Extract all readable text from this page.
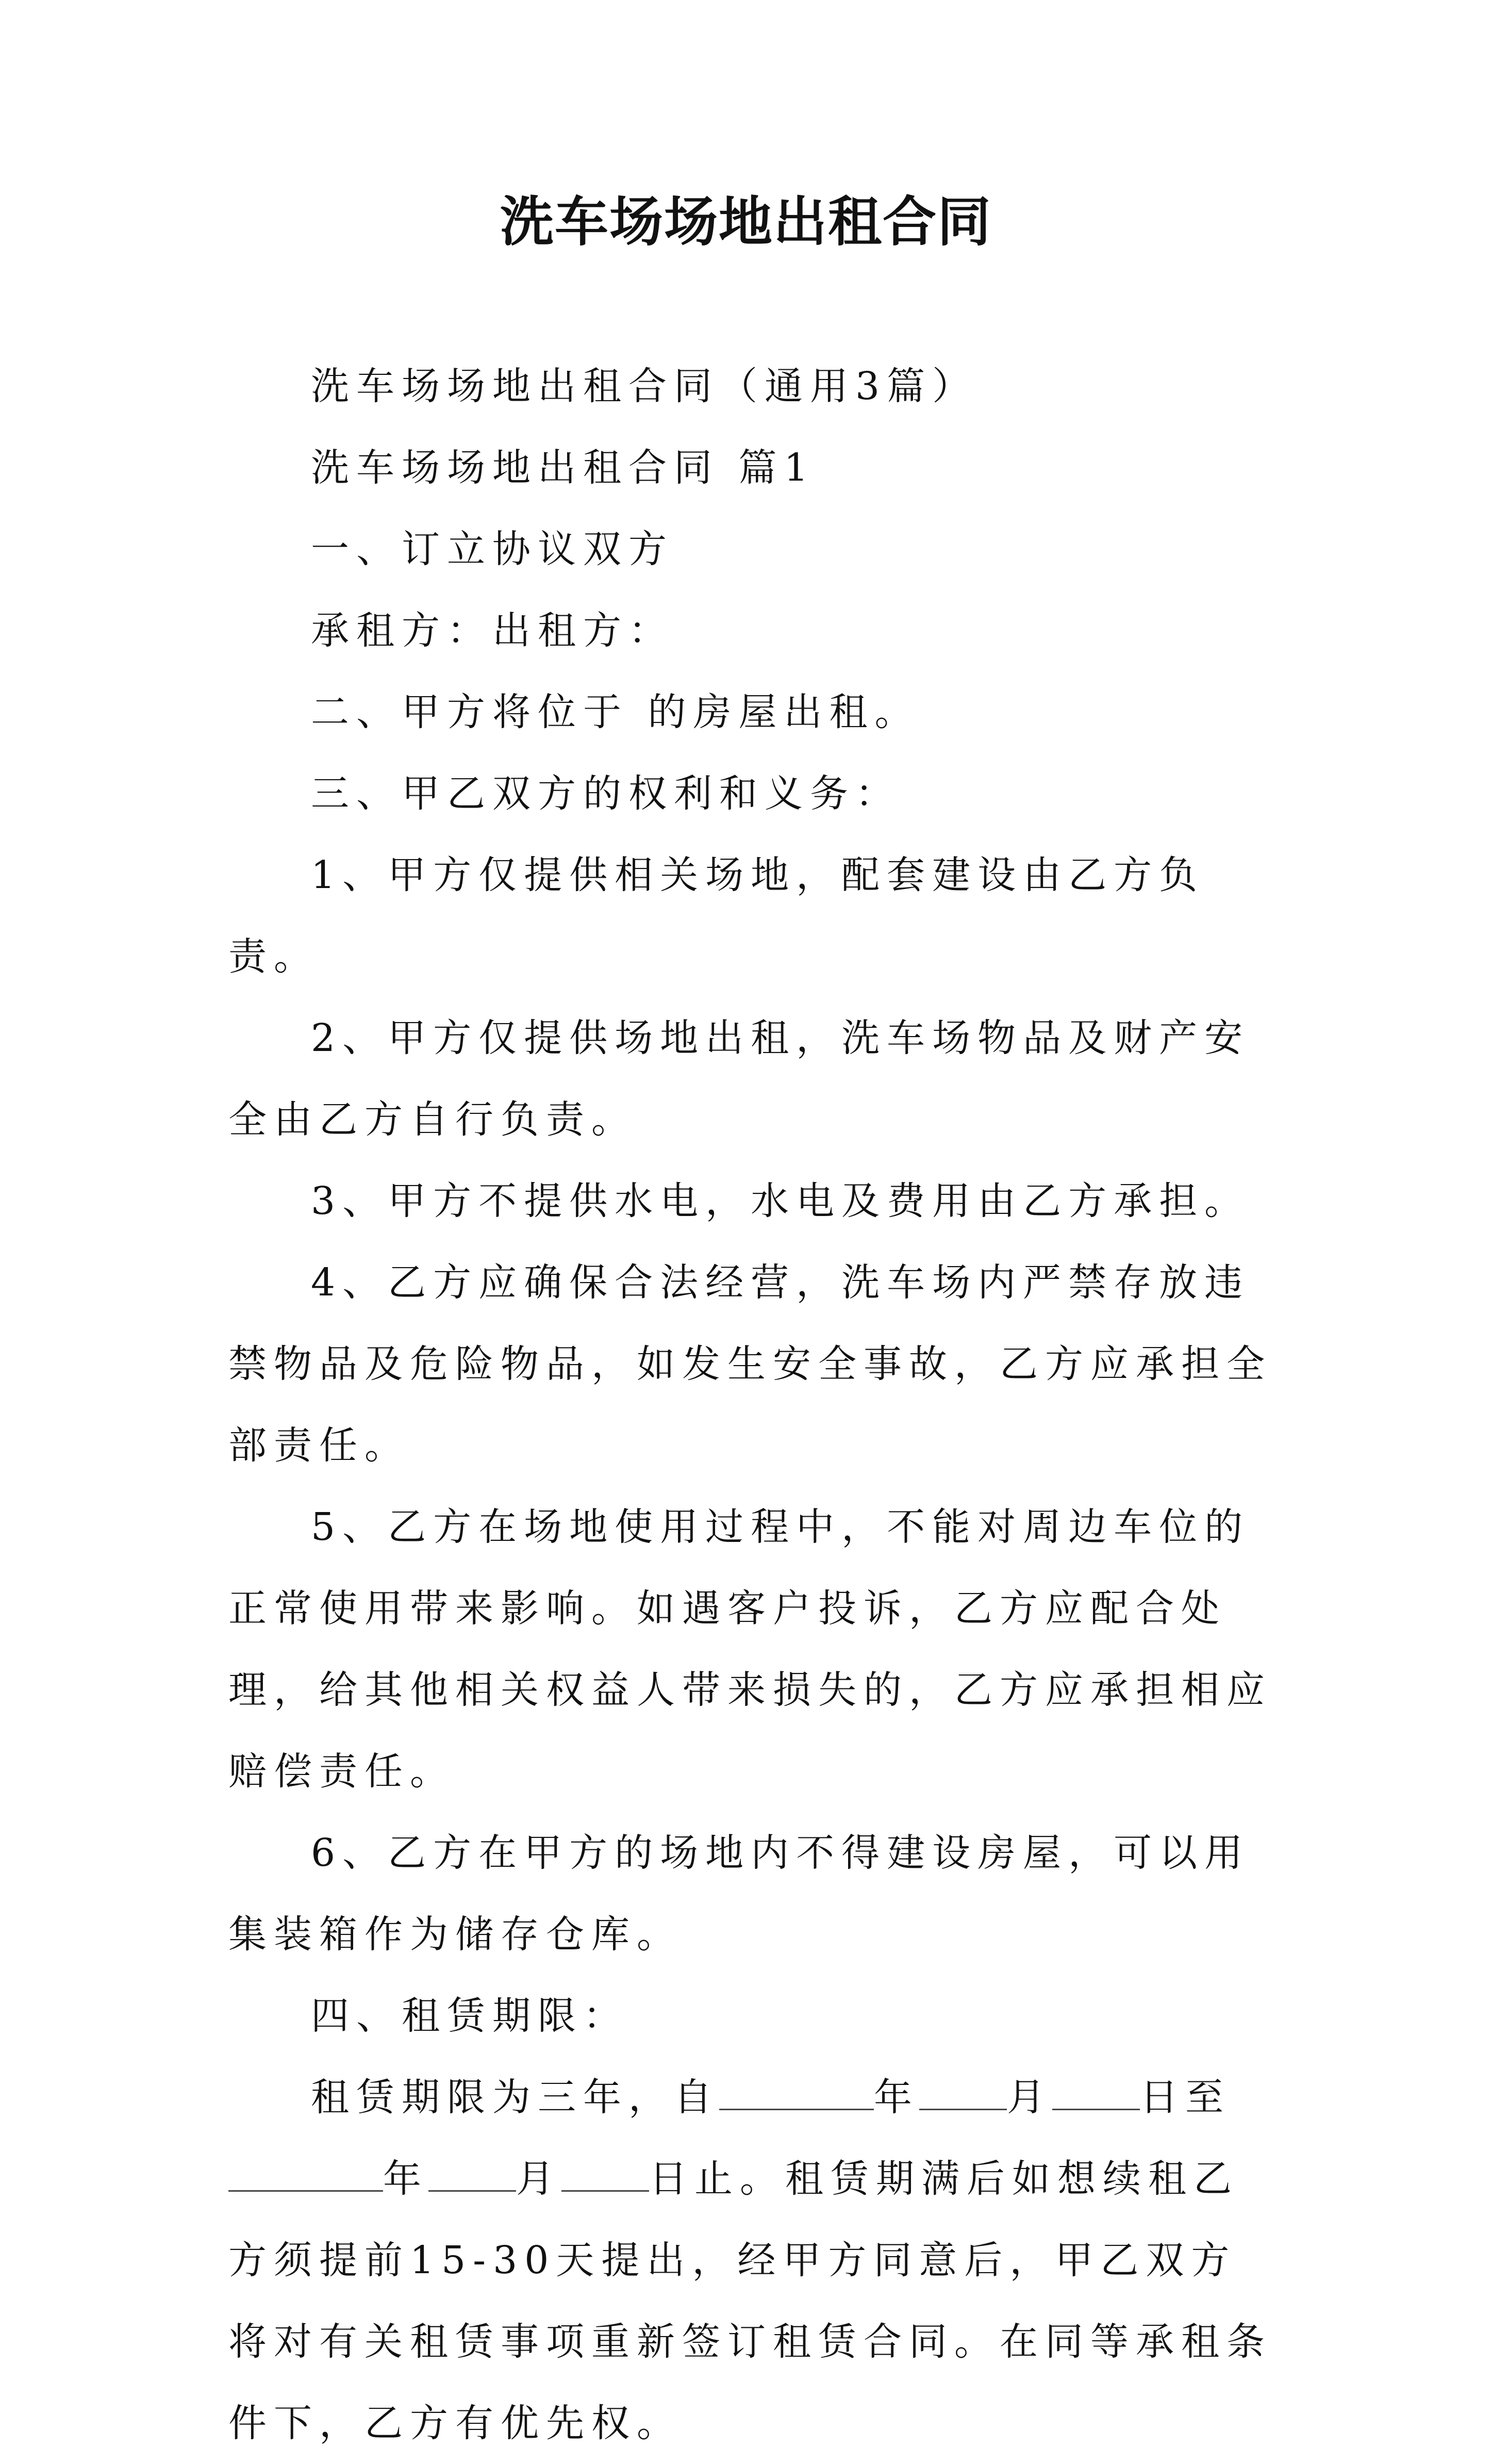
洗车场场地出租合同

洗车场场地出租合同（通用3篇）

洗车场场地出租合同 篇1

一、订立协议双方

承租方：出租方：

二、甲方将位于 的房屋出租。

三、甲乙双方的权利和义务：

1、甲方仅提供相关场地，配套建设由乙方负责。

2、甲方仅提供场地出租，洗车场物品及财产安全由乙方自行负责。

3、甲方不提供水电，水电及费用由乙方承担。

4、乙方应确保合法经营，洗车场内严禁存放违禁物品及危险物品，如发生安全事故，乙方应承担全部责任。

5、乙方在场地使用过程中，不能对周边车位的正常使用带来影响。如遇客户投诉，乙方应配合处理，给其他相关权益人带来损失的，乙方应承担相应赔偿责任。

6、乙方在甲方的场地内不得建设房屋，可以用集装箱作为储存仓库。

四、租赁期限：

租赁期限为三年，自	年 月 日至年 月 日止。租赁期满后如想续租乙方须提前15-30天提出，经甲方同意后，甲乙双方将对有关租赁事项重新签订租赁合同。在同等承租条件下，乙方有优先权。
